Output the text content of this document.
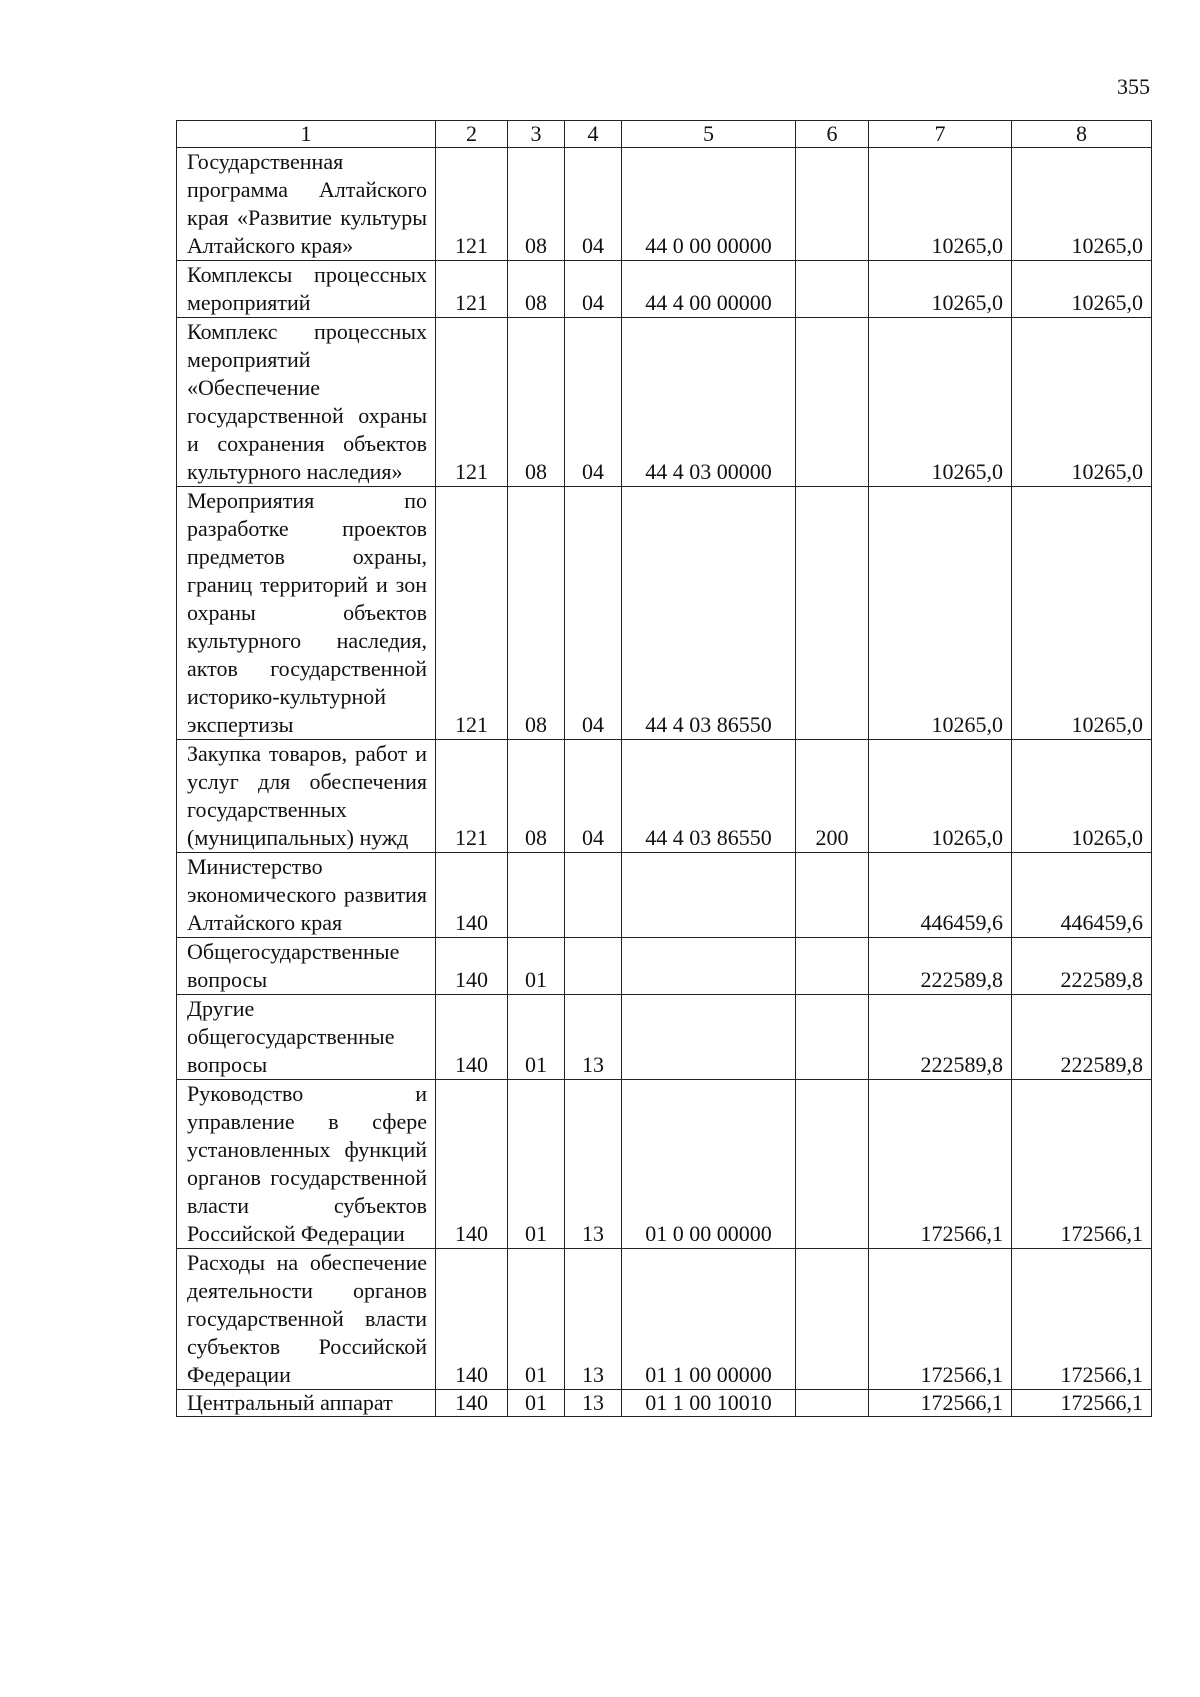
355
1	2	3	4	5	6	7	8
Государственная программа Алтайского края «Развитие культуры Алтайского края»	121	08	04	44 0 00 00000		10265,0	10265,0
Комплексы процессных мероприятий	121	08	04	44 4 00 00000		10265,0	10265,0
Комплекс процессных мероприятий «Обеспечение государственной охраны и сохранения объектов культурного наследия»	121	08	04	44 4 03 00000		10265,0	10265,0
Мероприятия по разработке проектов предметов охраны, границ территорий и зон охраны объектов культурного наследия, актов государственной историко-культурной экспертизы	121	08	04	44 4 03 86550		10265,0	10265,0
Закупка товаров, работ и услуг для обеспечения государственных (муниципальных) нужд	121	08	04	44 4 03 86550	200	10265,0	10265,0
Министерство экономического развития Алтайского края	140					446459,6	446459,6
Общегосударственные вопросы	140	01				222589,8	222589,8
Другие общегосударственные вопросы	140	01	13			222589,8	222589,8
Руководство и управление в сфере установленных функций органов государственной власти субъектов Российской Федерации	140	01	13	01 0 00 00000		172566,1	172566,1
Расходы на обеспечение деятельности органов государственной власти субъектов Российской Федерации	140	01	13	01 1 00 00000		172566,1	172566,1
Центральный аппарат	140	01	13	01 1 00 10010		172566,1	172566,1
